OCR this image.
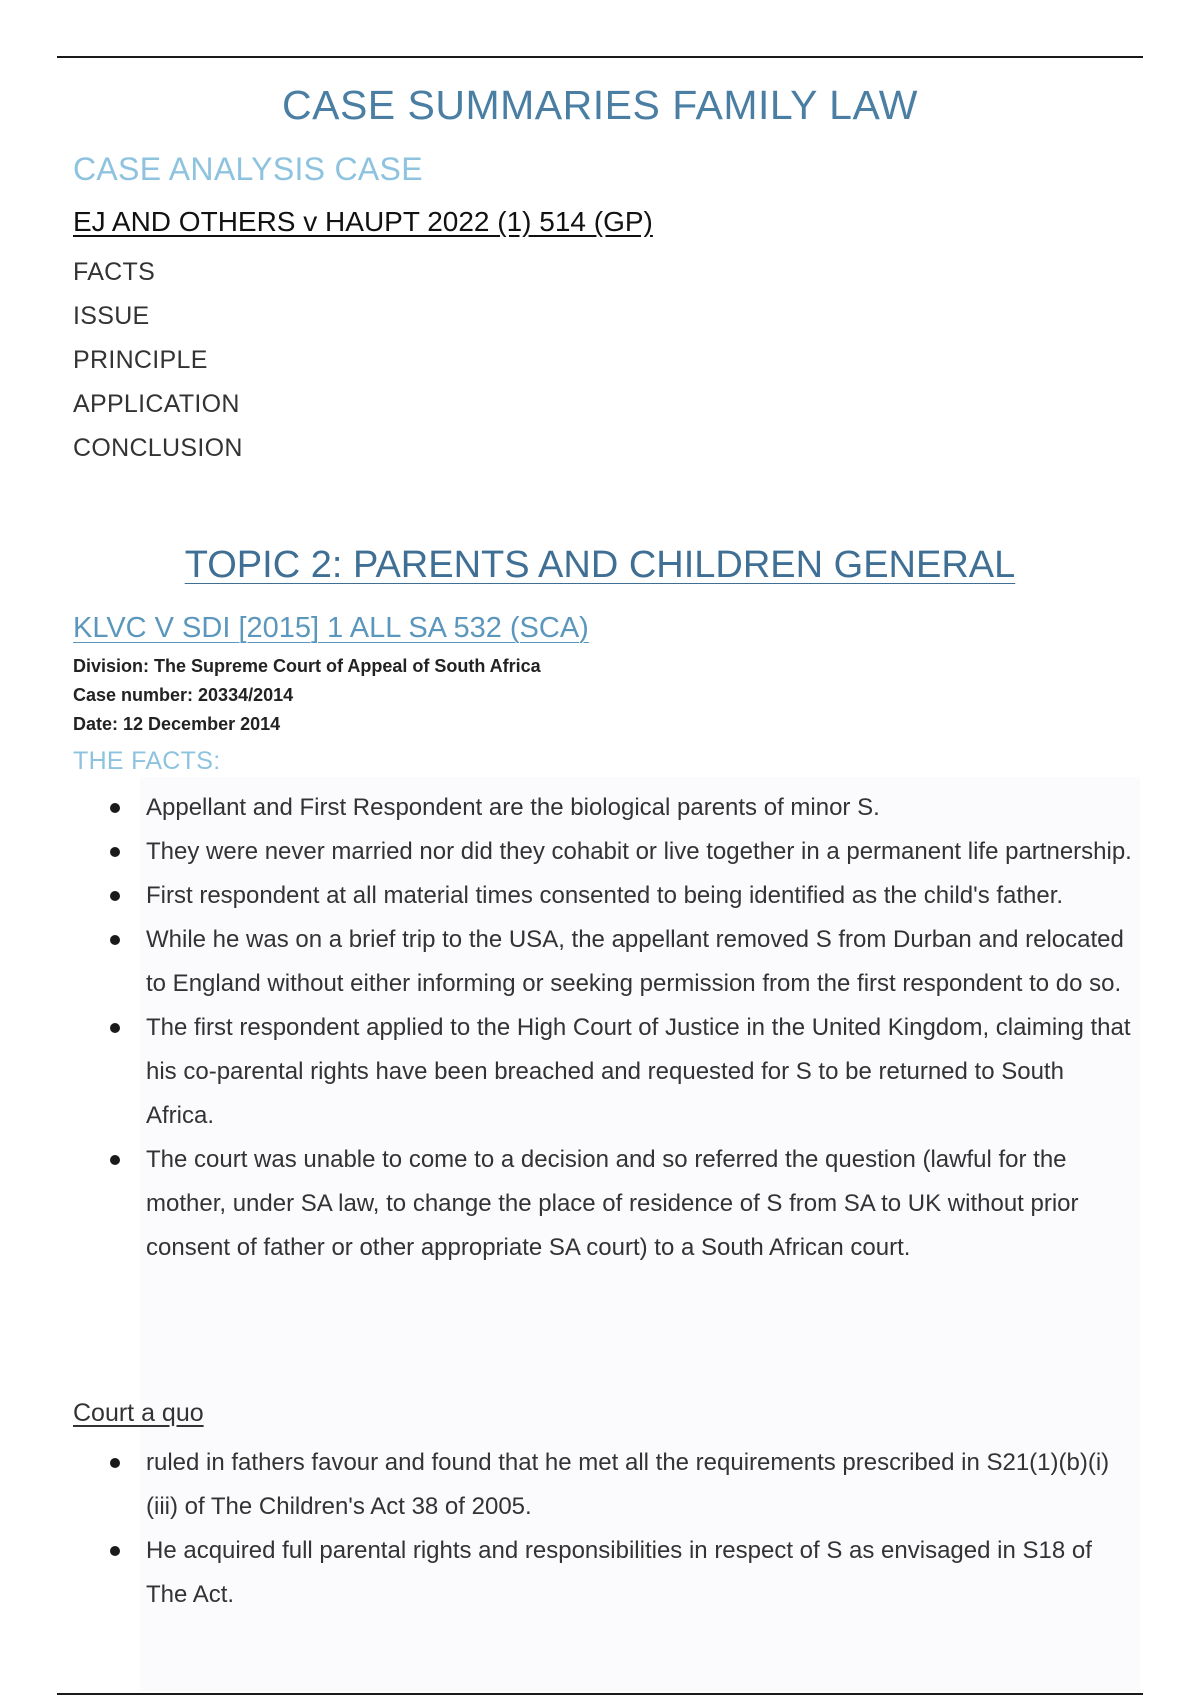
CASE SUMMARIES FAMILY LAW
CASE ANALYSIS CASE
EJ AND OTHERS v HAUPT 2022 (1) 514 (GP)
FACTS
ISSUE
PRINCIPLE
APPLICATION
CONCLUSION
TOPIC 2: PARENTS AND CHILDREN GENERAL
KLVC V SDI [2015] 1 ALL SA 532 (SCA)
Division: The Supreme Court of Appeal of South Africa
Case number: 20334/2014
Date: 12 December 2014
THE FACTS:
Appellant and First Respondent are the biological parents of minor S.
They were never married nor did they cohabit or live together in a permanent life partnership.
First respondent at all material times consented to being identified as the child's father.
While he was on a brief trip to the USA, the appellant removed S from Durban and relocated to England without either informing or seeking permission from the first respondent to do so.
The first respondent applied to the High Court of Justice in the United Kingdom, claiming that his co-parental rights have been breached and requested for S to be returned to South Africa.
The court was unable to come to a decision and so referred the question (lawful for the mother, under SA law, to change the place of residence of S from SA to UK without prior consent of father or other appropriate SA court) to a South African court.
Court a quo
ruled in fathers favour and found that he met all the requirements prescribed in S21(1)(b)(i)(iii) of The Children's Act 38 of 2005.
He acquired full parental rights and responsibilities in respect of S as envisaged in S18 of The Act.
